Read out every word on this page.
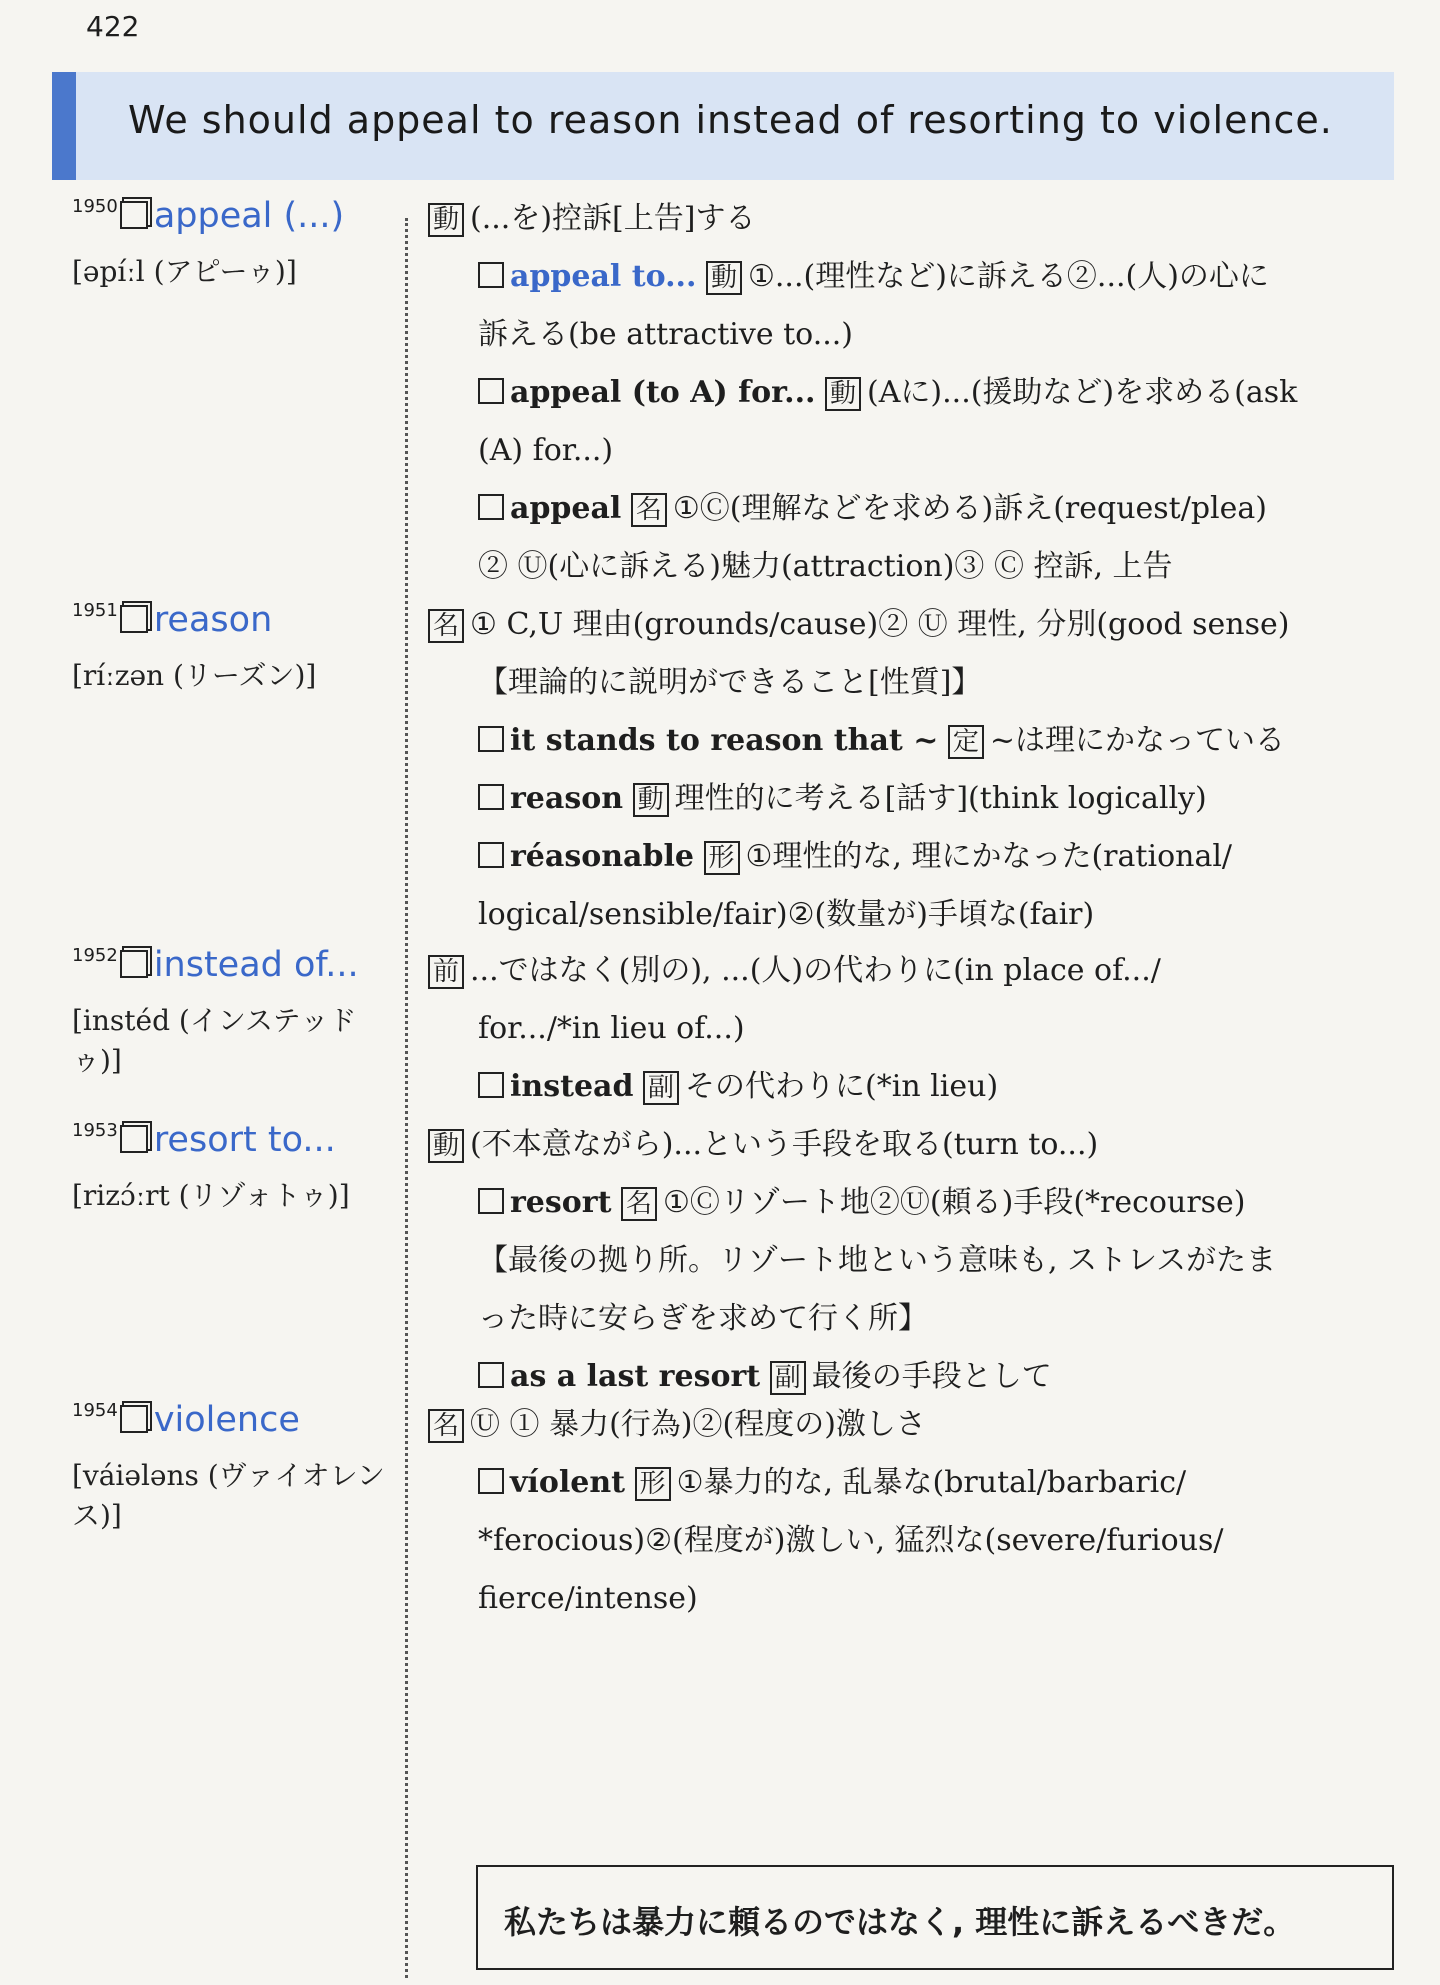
422
We should appeal to reason instead of resorting to violence.
1950 appeal (...)
[əpíːl (アピーゥ)]
1951 reason
[ríːzən (リーズン)]
1952 instead of...
[instéd (インステッドゥ)]
1953 resort to...
[rizɔ́ːrt (リゾォトゥ)]
1954 violence
[váiələns (ヴァイオレンス)]
動 (...を)控訴[上告]する
appeal to... 動 ①...(理性など)に訴える②...(人)の心に
訴える(be attractive to...)
appeal (to A) for... 動 (Aに)...(援助など)を求める(ask
(A) for...)
appeal 名 ①Ⓒ(理解などを求める)訴え(request/plea)
② Ⓤ(心に訴える)魅力(attraction)③ Ⓒ 控訴, 上告
名 ① C,U 理由(grounds/cause)② Ⓤ 理性, 分別(good sense)
【理論的に説明ができること[性質]】
it stands to reason that ~ 定 ~は理にかなっている
reason 動 理性的に考える[話す](think logically)
réasonable 形 ①理性的な, 理にかなった(rational/
logical/sensible/fair)②(数量が)手頃な(fair)
前 ...ではなく(別の), ...(人)の代わりに(in place of.../
for.../*in lieu of...)
instead 副 その代わりに(*in lieu)
動 (不本意ながら)...という手段を取る(turn to...)
resort 名 ①Ⓒリゾート地②Ⓤ(頼る)手段(*recourse)
【最後の拠り所。リゾート地という意味も, ストレスがたま
った時に安らぎを求めて行く所】
as a last resort 副 最後の手段として
名 Ⓤ ① 暴力(行為)②(程度の)激しさ
víolent 形 ①暴力的な, 乱暴な(brutal/barbaric/
*ferocious)②(程度が)激しい, 猛烈な(severe/furious/
fierce/intense)
私たちは暴力に頼るのではなく, 理性に訴えるべきだ。
